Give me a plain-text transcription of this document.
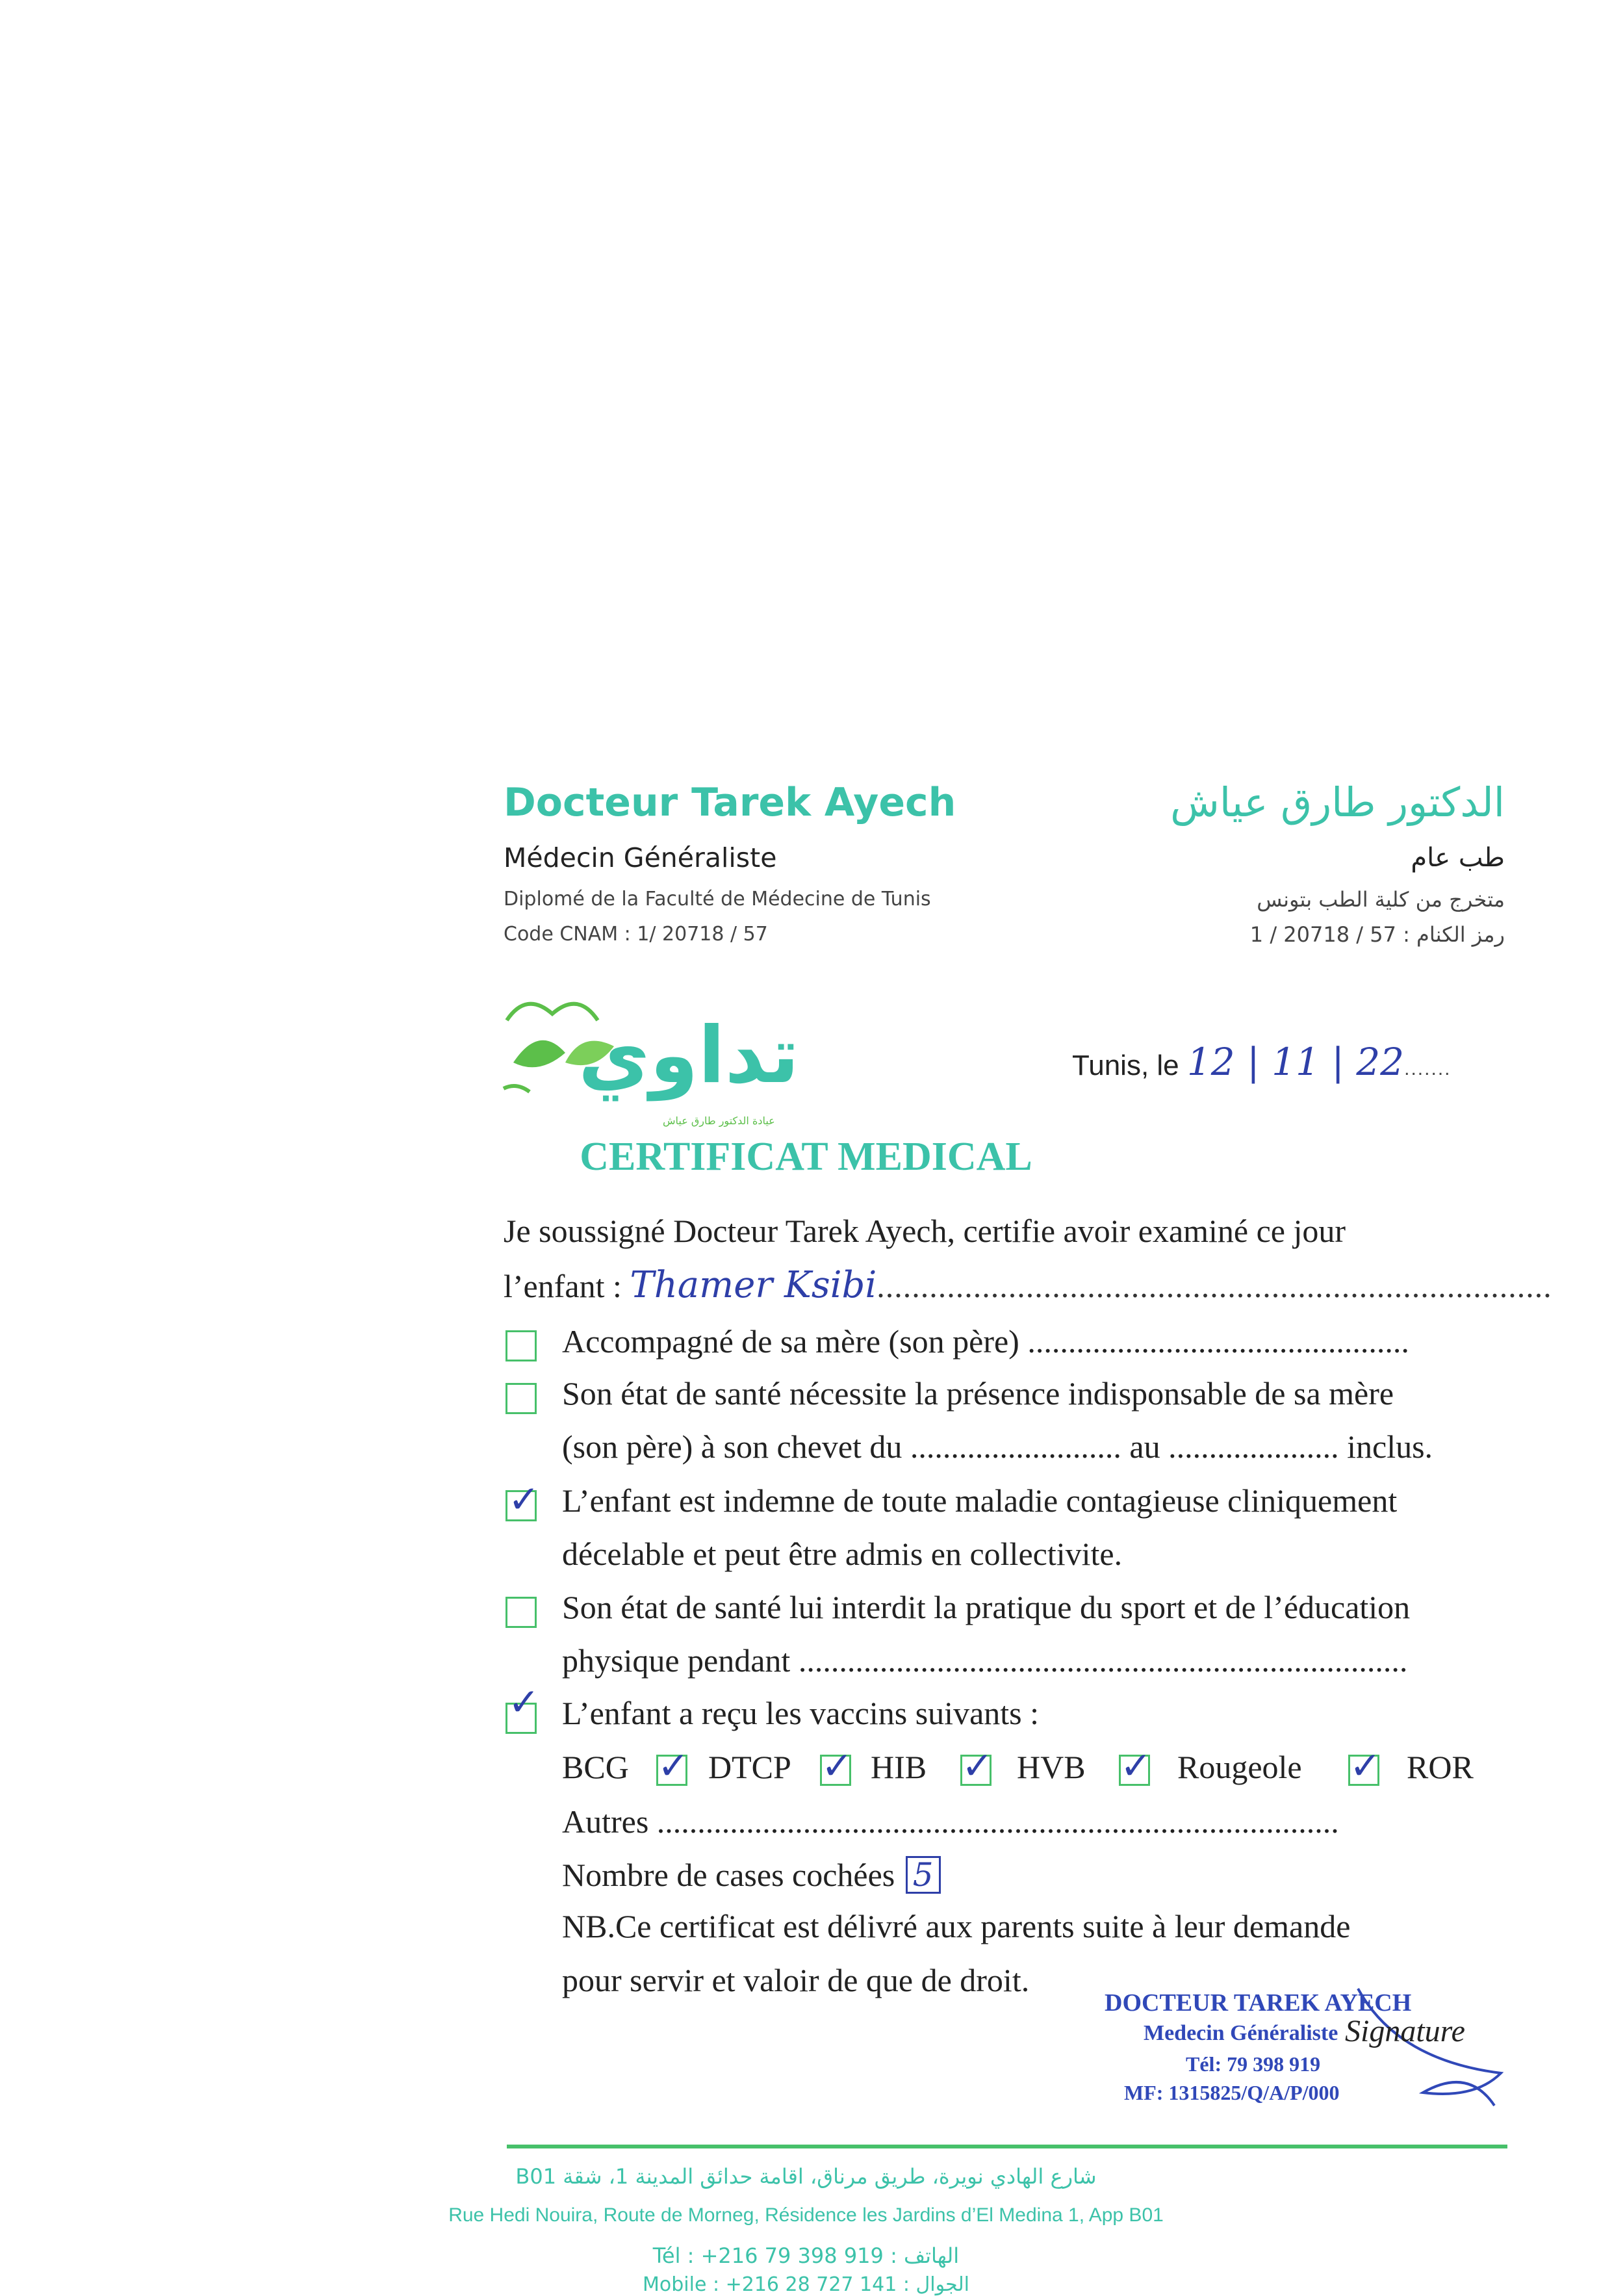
Docteur Tarek Ayech
Médecin Généraliste
Diplomé de la Faculté de Médecine de Tunis
Code CNAM : 1/ 20718 / 57
الدكتور طارق عياش
طب عام
متخرج من كلية الطب بتونس
رمز الكنام : 1 / 20718 / 57
تداوي
عيادة الدكتور طارق عياش
Tunis, le 12 | 11 | 22.......
CERTIFICAT MEDICAL
Je soussigné Docteur Tarek Ayech, certifie avoir examiné ce jour
l’enfant : Thamer Ksibi.............................................................................
Accompagné de sa mère (son père) ...............................................
Son état de santé nécessite la présence indisponsable de sa mère
(son père) à son chevet du .......................... au ..................... inclus.
✓ L’enfant est indemne de toute maladie contagieuse cliniquement
décelable et peut être admis en collectivite.
Son état de santé lui interdit la pratique du sport et de l’éducation
physique pendant ...........................................................................
✓ L’enfant a reçu les vaccins suivants :
BCG ✓ DTCP ✓ HIB ✓ HVB ✓ Rougeole ✓ ROR
Autres ....................................................................................
Nombre de cases cochées 5
NB.Ce certificat est délivré aux parents suite à leur demande
pour servir et valoir de que de droit.
DOCTEUR TAREK AYECH
Medecin Généraliste
Tél: 79 398 919
MF: 1315825/Q/A/P/000
Signature
شارع الهادي نويرة، طريق مرناق، اقامة حدائق المدينة 1، شقة B01
Rue Hedi Nouira, Route de Morneg, Résidence les Jardins d’El Medina 1, App B01
Tél : +216 79 398 919 : الهاتف
Mobile : +216 28 727 141 : الجوال
